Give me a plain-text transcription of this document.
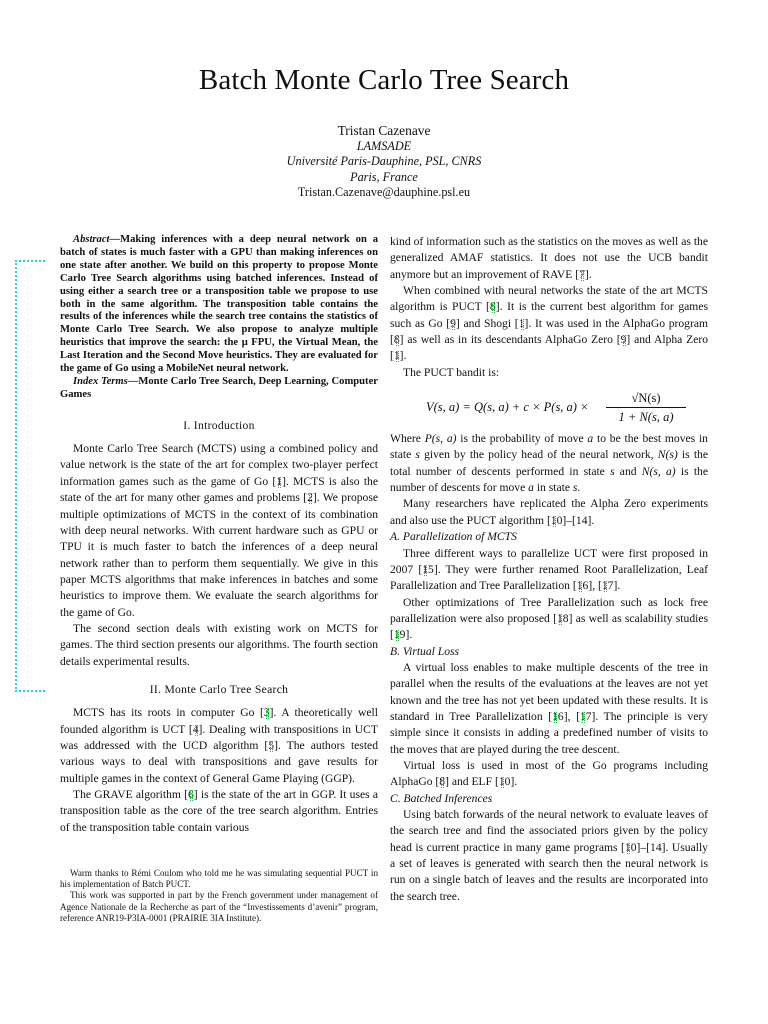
Batch Monte Carlo Tree Search
Tristan Cazenave
LAMSADE
Université Paris-Dauphine, PSL, CNRS
Paris, France
Tristan.Cazenave@dauphine.psl.eu

Abstract—Making inferences with a deep neural network on a batch of states is much faster with a GPU than making inferences on one state after another. We build on this property to propose Monte Carlo Tree Search algorithms using batched inferences. Instead of using either a search tree or a transposition table we propose to use both in the same algorithm. The transposition table contains the results of the inferences while the search tree contains the statistics of Monte Carlo Tree Search. We also propose to analyze multiple heuristics that improve the search: the μ FPU, the Virtual Mean, the Last Iteration and the Second Move heuristics. They are evaluated for the game of Go using a MobileNet neural network.

Index Terms—Monte Carlo Tree Search, Deep Learning, Computer Games

I. Introduction

Monte Carlo Tree Search (MCTS) using a combined policy and value network is the state of the art for complex two-player perfect information games such as the game of Go [1]. MCTS is also the state of the art for many other games and problems [2]. We propose multiple optimizations of MCTS in the context of its combination with deep neural networks. With current hardware such as GPU or TPU it is much faster to batch the inferences of a deep neural network rather than to perform them sequentially. We give in this paper MCTS algorithms that make inferences in batches and some heuristics to improve them. We evaluate the search algorithms for the game of Go.

The second section deals with existing work on MCTS for games. The third section presents our algorithms. The fourth section details experimental results.

II. Monte Carlo Tree Search

MCTS has its roots in computer Go [3]. A theoretically well founded algorithm is UCT [4]. Dealing with transpositions in UCT was addressed with the UCD algorithm [5]. The authors tested various ways to deal with transpositions and gave results for multiple games in the context of General Game Playing (GGP).

The GRAVE algorithm [6] is the state of the art in GGP. It uses a transposition table as the core of the tree search algorithm. Entries of the transposition table contain various

Warm thanks to Rémi Coulom who told me he was simulating sequential PUCT in his implementation of Batch PUCT.

This work was supported in part by the French government under management of Agence Nationale de la Recherche as part of the “Investissements d’avenir” program, reference ANR19-P3IA-0001 (PRAIRIE 3IA Institute).

kind of information such as the statistics on the moves as well as the generalized AMAF statistics. It does not use the UCB bandit anymore but an improvement of RAVE [7].

When combined with neural networks the state of the art MCTS algorithm is PUCT [8]. It is the current best algorithm for games such as Go [9] and Shogi [1]. It was used in the AlphaGo program [8] as well as in its descendants AlphaGo Zero [9] and Alpha Zero [1].

The PUCT bandit is:

V(s, a) = Q(s, a) + c × P(s, $a) \times \frac{√N(s)}{1 + N(s, a)}$

Where P(s, a) is the probability of move a to be the best moves in state s given by the policy head of the neural network, N(s) is the total number of descents performed in state s and N(s, a) is the number of descents for move a in state s.

Many researchers have replicated the Alpha Zero experiments and also use the PUCT algorithm [10]–[14].

A. Parallelization of MCTS

Three different ways to parallelize UCT were first proposed in 2007 [15]. They were further renamed Root Parallelization, Leaf Parallelization and Tree Parallelization [16], [17].

Other optimizations of Tree Parallelization such as lock free parallelization were also proposed [18] as well as scalability studies [19].

B. Virtual Loss

A virtual loss enables to make multiple descents of the tree in parallel when the results of the evaluations at the leaves are not yet known and the tree has not yet been updated with these results. It is standard in Tree Parallelization [16], [17]. The principle is very simple since it consists in adding a predefined number of visits to the moves that are played during the tree descent.

Virtual loss is used in most of the Go programs including AlphaGo [8] and ELF [10].

C. Batched Inferences

Using batch forwards of the neural network to evaluate leaves of the search tree and find the associated priors given by the policy head is current practice in many game programs [10]–[14]. Usually a set of leaves is generated with search then the neural network is run on a single batch of leaves and the results are incorporated into the search tree.
